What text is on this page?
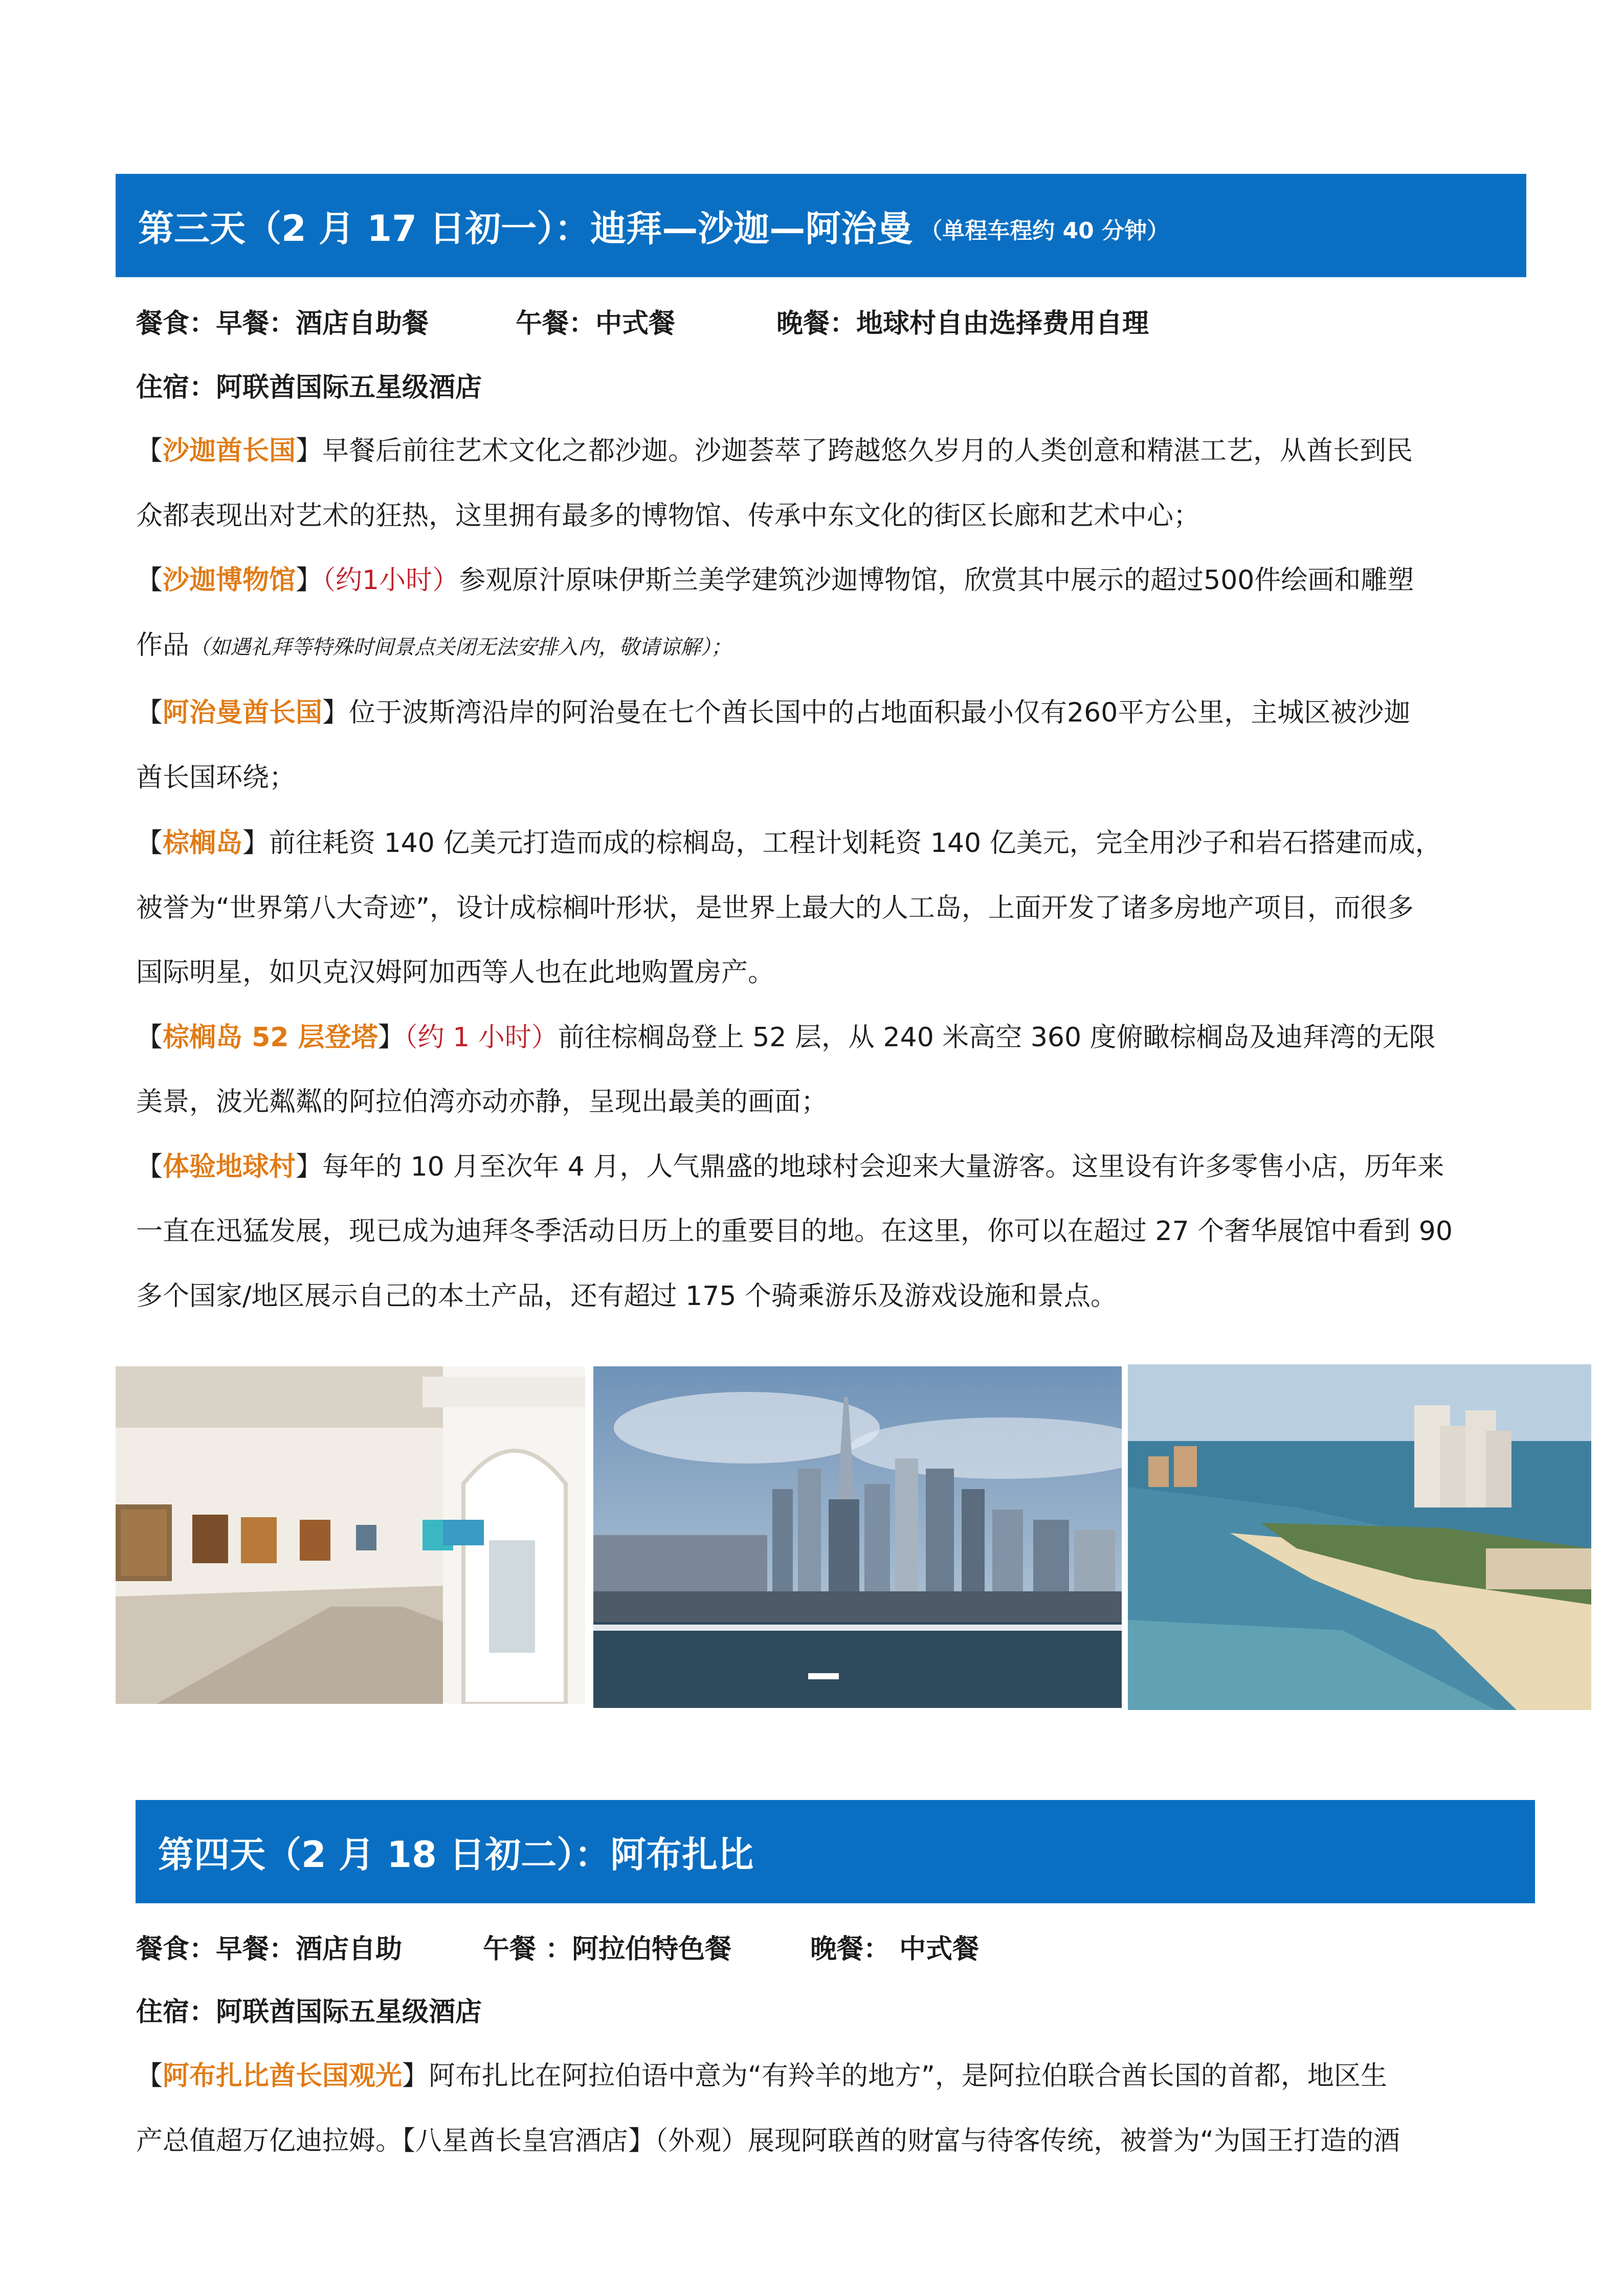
第三天（2 月 17 日初一）：迪拜—沙迦—阿治曼 （单程车程约 40 分钟）
餐食：早餐：酒店自助餐	午餐：中式餐	晚餐：地球村自由选择费用自理
住宿：阿联酋国际五星级酒店
【沙迦酋长国】早餐后前往艺术文化之都沙迦。沙迦荟萃了跨越悠久岁月的人类创意和精湛工艺，从酋长到民
众都表现出对艺术的狂热，这里拥有最多的博物馆、传承中东文化的街区长廊和艺术中心；
【沙迦博物馆】（约1小时）参观原汁原味伊斯兰美学建筑沙迦博物馆，欣赏其中展示的超过500件绘画和雕塑
作品（如遇礼拜等特殊时间景点关闭无法安排入内，敬请谅解）；
【阿治曼酋长国】位于波斯湾沿岸的阿治曼在七个酋长国中的占地面积最小仅有260平方公里，主城区被沙迦
酋长国环绕；
【棕榈岛】前往耗资 140 亿美元打造而成的棕榈岛，工程计划耗资 140 亿美元，完全用沙子和岩石搭建而成，
被誉为“世界第八大奇迹”，设计成棕榈叶形状，是世界上最大的人工岛，上面开发了诸多房地产项目，而很多
国际明星，如贝克汉姆阿加西等人也在此地购置房产。
【棕榈岛 52 层登塔】（约 1 小时）前往棕榈岛登上 52 层，从 240 米高空 360 度俯瞰棕榈岛及迪拜湾的无限
美景，波光粼粼的阿拉伯湾亦动亦静，呈现出最美的画面；
【体验地球村】每年的 10 月至次年 4 月，人气鼎盛的地球村会迎来大量游客。这里设有许多零售小店，历年来
一直在迅猛发展，现已成为迪拜冬季活动日历上的重要目的地。在这里，你可以在超过 27 个奢华展馆中看到 90
多个国家/地区展示自己的本土产品，还有超过 175 个骑乘游乐及游戏设施和景点。
第四天（2 月 18 日初二）：阿布扎比
餐食：早餐：酒店自助	午餐 ：阿拉伯特色餐	晚餐： 中式餐
住宿：阿联酋国际五星级酒店
【阿布扎比酋长国观光】阿布扎比在阿拉伯语中意为“有羚羊的地方”，是阿拉伯联合酋长国的首都，地区生
产总值超万亿迪拉姆。【八星酋长皇宫酒店】（外观）展现阿联酋的财富与待客传统，被誉为“为国王打造的酒
